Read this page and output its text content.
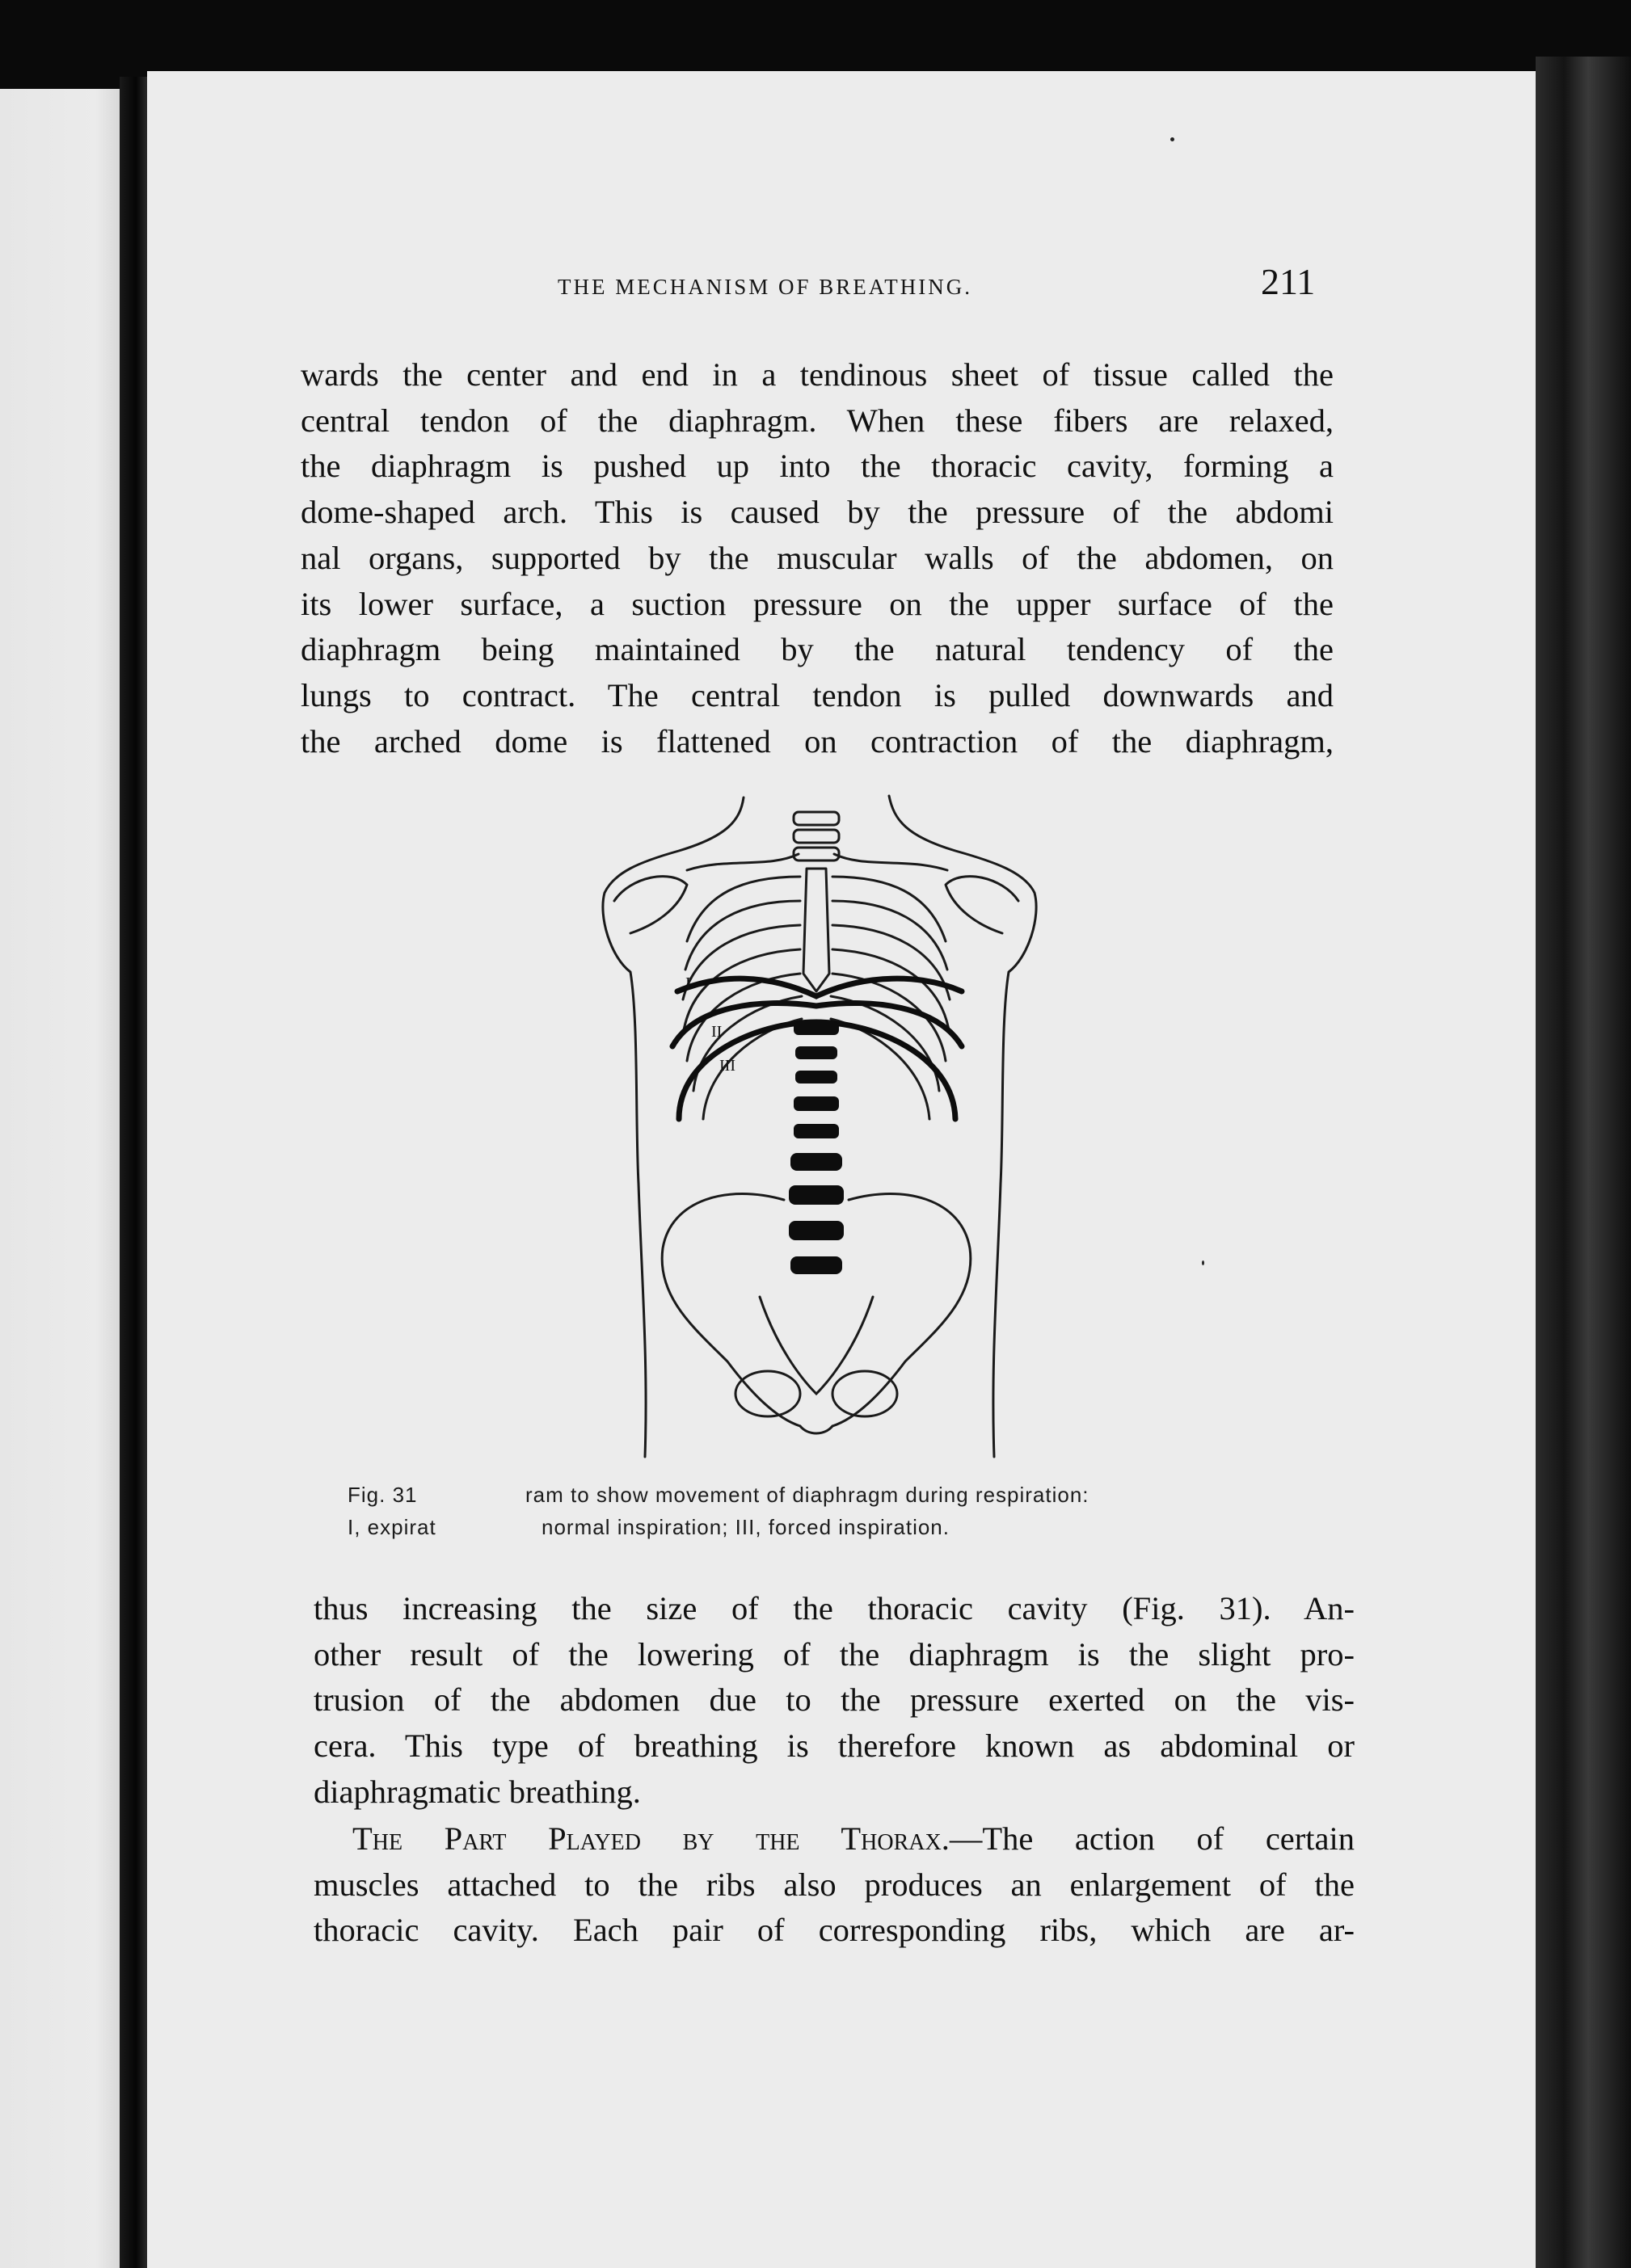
THE MECHANISM OF BREATHING.	211
wards the center and end in a tendinous sheet of tissue called the
central tendon of the diaphragm. When these fibers are relaxed,
the diaphragm is pushed up into the thoracic cavity, forming a
dome-shaped arch. This is caused by the pressure of the abdomi
nal organs, supported by the muscular walls of the abdomen, on
its lower surface, a suction pressure on the upper surface of the
diaphragm being maintained by the natural tendency of the
lungs to contract. The central tendon is pulled downwards and
the arched dome is flattened on contraction of the diaphragm,
I
II
III
Fig. 31
I, expirat
ram to show movement of diaphragm during respiration:
normal inspiration; III, forced inspiration.
thus increasing the size of the thoracic cavity (Fig. 31). An-
other result of the lowering of the diaphragm is the slight pro-
trusion of the abdomen due to the pressure exerted on the vis-
cera. This type of breathing is therefore known as abdominal or
diaphragmatic breathing.
The Part Played by the Thorax.—The action of certain
muscles attached to the ribs also produces an enlargement of the
thoracic cavity. Each pair of corresponding ribs, which are ar-
